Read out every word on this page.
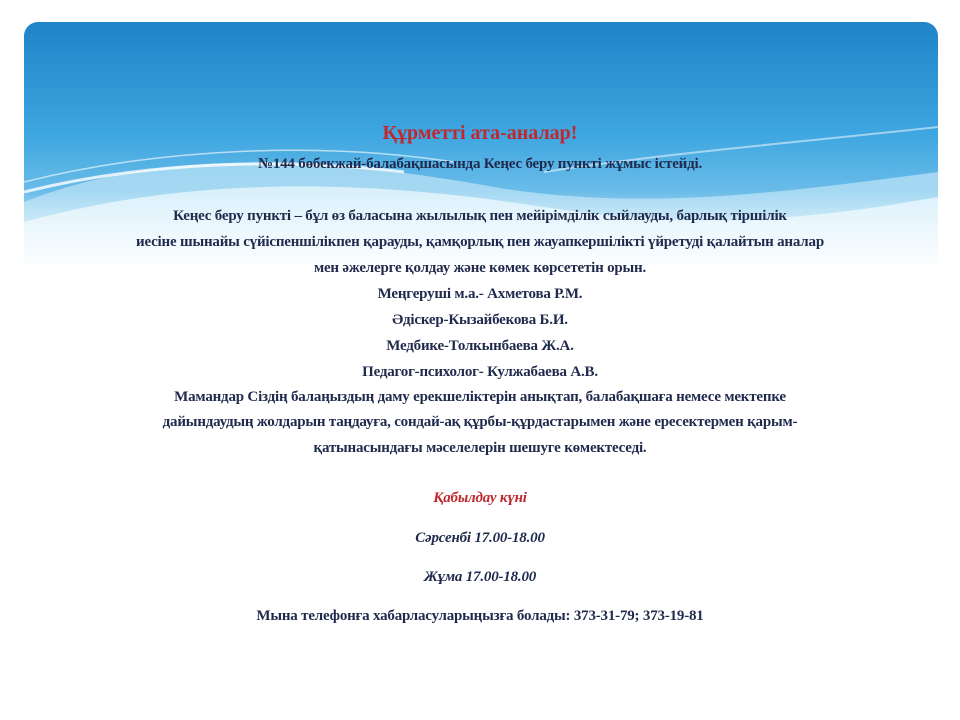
Құрметті ата-аналар!
№144 бөбекжай-балабақшасында Кеңес беру пункті жұмыс істейді.
Кеңес беру пункті – бұл өз баласына жылылық пен мейірімділік сыйлауды, барлық тіршілік
иесіне шынайы сүйіспеншілікпен қарауды, қамқорлық пен жауапкершілікті үйретуді қалайтын аналар
мен әжелерге қолдау және көмек көрсететін орын.
Меңгеруші м.а.- Ахметова Р.М.
Әдіскер-Кызайбекова Б.И.
Медбике-Толкынбаева Ж.А.
Педагог-психолог- Кулжабаева А.В.
Мамандар Сіздің балаңыздың даму ерекшеліктерін анықтап, балабақшаға немесе мектепке
дайындаудың жолдарын таңдауға, сондай-ақ құрбы-құрдастарымен және ересектермен қарым-
қатынасындағы мәселелерін шешуге көмектеседі.
Қабылдау күні
Сәрсенбі 17.00-18.00
Жұма 17.00-18.00
Мына телефонға хабарласуларыңызға болады: 373-31-79; 373-19-81
